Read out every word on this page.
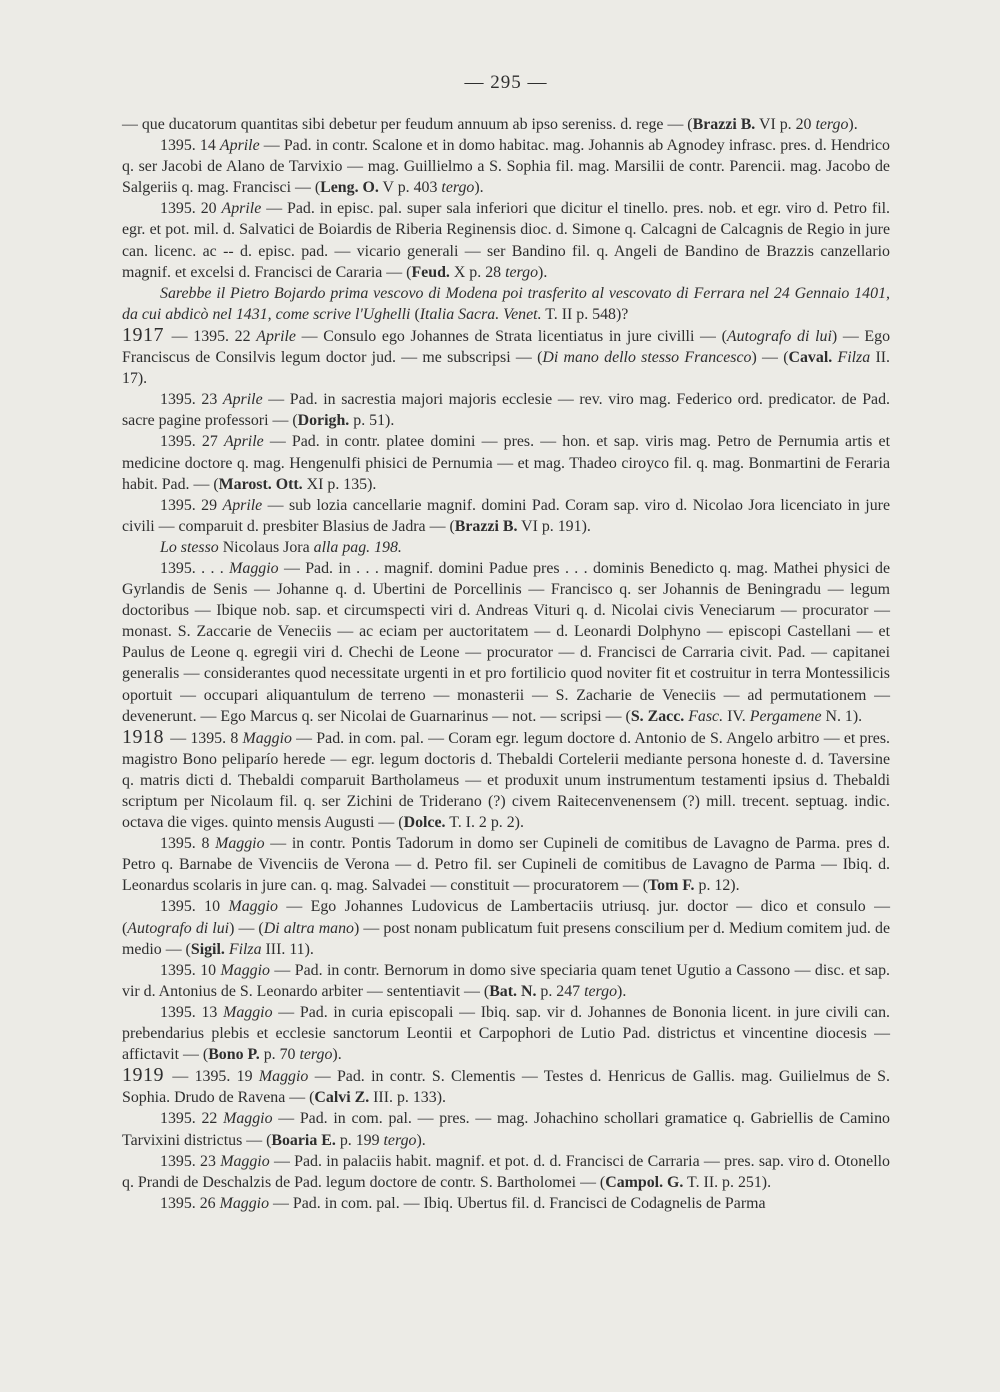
— 295 —

— que ducatorum quantitas sibi debetur per feudum annuum ab ipso sereniss. d. rege — (Brazzi B. VI p. 20 tergo).

1395. 14 Aprile — Pad. in contr. Scalone et in domo habitac. mag. Johannis ab Agnodey infrasc. pres. d. Hendrico q. ser Jacobi de Alano de Tarvixio — mag. Guillielmo a S. Sophia fil. mag. Marsilii de contr. Parencii. mag. Jacobo de Salgeriis q. mag. Francisci — (Leng. O. V p. 403 tergo).

1395. 20 Aprile — Pad. in episc. pal. super sala inferiori que dicitur el tinello. pres. nob. et egr. viro d. Petro fil. egr. et pot. mil. d. Salvatici de Boiardis de Riberia Reginensis dioc. d. Simone q. Calcagni de Calcagnis de Regio in jure can. licenc. ac -- d. episc. pad. — vicario generali — ser Bandino fil. q. Angeli de Bandino de Brazzis canzellario magnif. et excelsi d. Francisci de Cararia — (Feud. X p. 28 tergo).

Sarebbe il Pietro Bojardo prima vescovo di Modena poi trasferito al vescovato di Ferrara nel 24 Gennaio 1401, da cui abdicò nel 1431, come scrive l'Ughelli (Italia Sacra. Venet. T. II p. 548)?

1917 — 1395. 22 Aprile — Consulo ego Johannes de Strata licentiatus in jure civilli — (Autografo di lui) — Ego Franciscus de Consilvis legum doctor jud. — me subscripsi — (Di mano dello stesso Francesco) — (Caval. Filza II. 17).

1395. 23 Aprile — Pad. in sacrestia majori majoris ecclesie — rev. viro mag. Federico ord. predicator. de Pad. sacre pagine professori — (Dorigh. p. 51).

1395. 27 Aprile — Pad. in contr. platee domini — pres. — hon. et sap. viris mag. Petro de Pernumia artis et medicine doctore q. mag. Hengenulfi phisici de Pernumia — et mag. Thadeo ciroyco fil. q. mag. Bonmartini de Feraria habit. Pad. — (Marost. Ott. XI p. 135).

1395. 29 Aprile — sub lozia cancellarie magnif. domini Pad. Coram sap. viro d. Nicolao Jora licenciato in jure civili — comparuit d. presbiter Blasius de Jadra — (Brazzi B. VI p. 191).

Lo stesso Nicolaus Jora alla pag. 198.

1395. . . . Maggio — Pad. in . . . magnif. domini Padue pres . . . dominis Benedicto q. mag. Mathei physici de Gyrlandis de Senis — Johanne q. d. Ubertini de Porcellinis — Francisco q. ser Johannis de Beningradu — legum doctoribus — Ibique nob. sap. et circumspecti viri d. Andreas Vituri q. d. Nicolai civis Veneciarum — procurator — monast. S. Zaccarie de Veneciis — ac eciam per auctoritatem — d. Leonardi Dolphyno — episcopi Castellani — et Paulus de Leone q. egregii viri d. Chechi de Leone — procurator — d. Francisci de Carraria civit. Pad. — capitanei generalis — considerantes quod necessitate urgenti in et pro fortilicio quod noviter fit et costruitur in terra Montessilicis oportuit — occupari aliquantulum de terreno — monasterii — S. Zacharie de Veneciis — ad permutationem — devenerunt. — Ego Marcus q. ser Nicolai de Guarnarinus — not. — scripsi — (S. Zacc. Fasc. IV. Pergamene N. 1).

1918 — 1395. 8 Maggio — Pad. in com. pal. — Coram egr. legum doctore d. Antonio de S. Angelo arbitro — et pres. magistro Bono peliparío herede — egr. legum doctoris d. Thebaldi Cortelerii mediante persona honeste d. d. Taversine q. matris dicti d. Thebaldi comparuit Bartholameus — et produxit unum instrumentum testamenti ipsius d. Thebaldi scriptum per Nicolaum fil. q. ser Zichini de Triderano (?) civem Raitecenvenensem (?) mill. trecent. septuag. indic. octava die viges. quinto mensis Augusti — (Dolce. T. I. 2 p. 2).

1395. 8 Maggio — in contr. Pontis Tadorum in domo ser Cupineli de comitibus de Lavagno de Parma. pres d. Petro q. Barnabe de Vivenciis de Verona — d. Petro fil. ser Cupineli de comitibus de Lavagno de Parma — Ibiq. d. Leonardus scolaris in jure can. q. mag. Salvadei — constituit — procuratorem — (Tom F. p. 12).

1395. 10 Maggio — Ego Johannes Ludovicus de Lambertaciis utriusq. jur. doctor — dico et consulo — (Autografo di lui) — (Di altra mano) — post nonam publicatum fuit presens conscilium per d. Medium comitem jud. de medio — (Sigil. Filza III. 11).

1395. 10 Maggio — Pad. in contr. Bernorum in domo sive speciaria quam tenet Ugutio a Cassono — disc. et sap. vir d. Antonius de S. Leonardo arbiter — sententiavit — (Bat. N. p. 247 tergo).

1395. 13 Maggio — Pad. in curia episcopali — Ibiq. sap. vir d. Johannes de Bononia licent. in jure civili can. prebendarius plebis et ecclesie sanctorum Leontii et Carpophori de Lutio Pad. districtus et vincentine diocesis — affictavit — (Bono P. p. 70 tergo).

1919 — 1395. 19 Maggio — Pad. in contr. S. Clementis — Testes d. Henricus de Gallis. mag. Guilielmus de S. Sophia. Drudo de Ravena — (Calvi Z. III. p. 133).

1395. 22 Maggio — Pad. in com. pal. — pres. — mag. Johachino schollari gramatice q. Gabriellis de Camino Tarvixini districtus — (Boaria E. p. 199 tergo).

1395. 23 Maggio — Pad. in palaciis habit. magnif. et pot. d. d. Francisci de Carraria — pres. sap. viro d. Otonello q. Prandi de Deschalzis de Pad. legum doctore de contr. S. Bartholomei — (Campol. G. T. II. p. 251).

1395. 26 Maggio — Pad. in com. pal. — Ibiq. Ubertus fil. d. Francisci de Codagnelis de Parma
